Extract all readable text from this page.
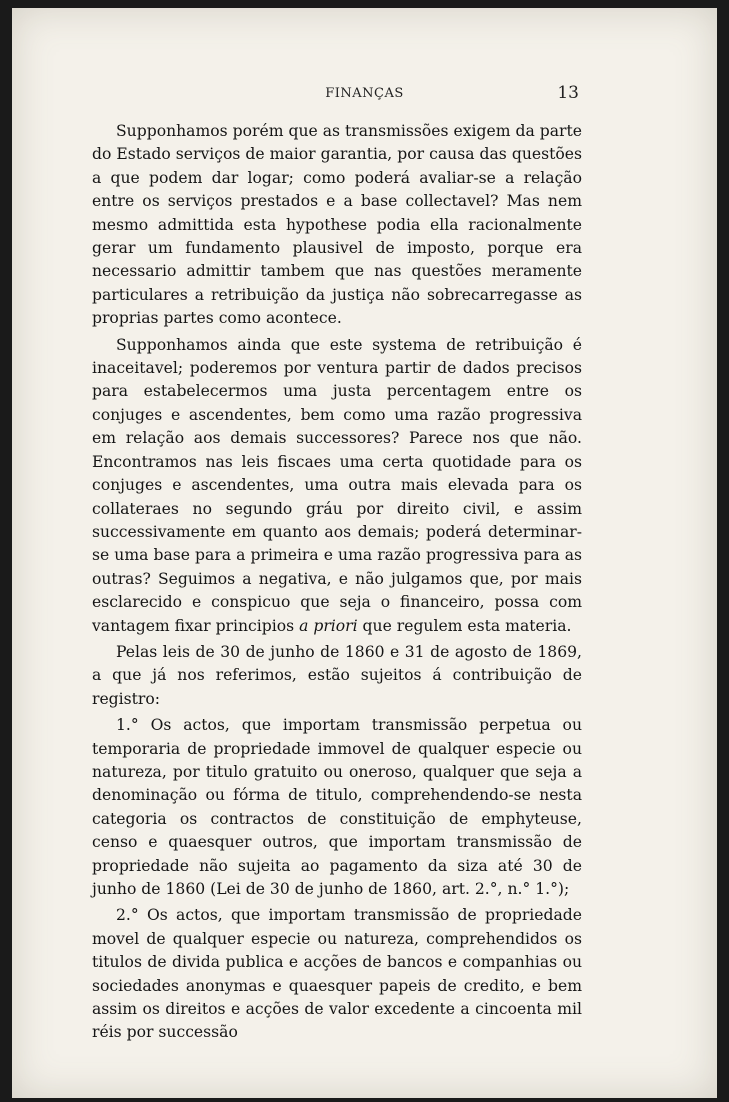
FINANÇAS	13

Supponhamos porém que as transmissões exigem da parte do Estado serviços de maior garantia, por causa das questões a que podem dar logar; como poderá avaliar-se a relação entre os serviços prestados e a base collectavel? Mas nem mesmo admittida esta hypothese podia ella racionalmente gerar um fundamento plausivel de imposto, porque era necessario admittir tambem que nas questões meramente particulares a retribuição da justiça não sobrecarregasse as proprias partes como acontece.

Supponhamos ainda que este systema de retribuição é inaceitavel; poderemos por ventura partir de dados precisos para estabelecermos uma justa percentagem entre os conjuges e ascendentes, bem como uma razão progressiva em relação aos demais successores? Parece nos que não. Encontramos nas leis fiscaes uma certa quotidade para os conjuges e ascendentes, uma outra mais elevada para os collateraes no segundo gráu por direito civil, e assim successivamente em quanto aos demais; poderá determinar-se uma base para a primeira e uma razão progressiva para as outras? Seguimos a negativa, e não julgamos que, por mais esclarecido e conspicuo que seja o financeiro, possa com vantagem fixar principios a priori que regulem esta materia.

Pelas leis de 30 de junho de 1860 e 31 de agosto de 1869, a que já nos referimos, estão sujeitos á contribuição de registro:

1.° Os actos, que importam transmissão perpetua ou temporaria de propriedade immovel de qualquer especie ou natureza, por titulo gratuito ou oneroso, qualquer que seja a denominação ou fórma de titulo, comprehendendo-se nesta categoria os contractos de constituição de emphyteuse, censo e quaesquer outros, que importam transmissão de propriedade não sujeita ao pagamento da siza até 30 de junho de 1860 (Lei de 30 de junho de 1860, art. 2.°, n.° 1.°);

2.° Os actos, que importam transmissão de propriedade movel de qualquer especie ou natureza, comprehendidos os titulos de divida publica e acções de bancos e companhias ou sociedades anonymas e quaesquer papeis de credito, e bem assim os direitos e acções de valor excedente a cincoenta mil réis por successão
